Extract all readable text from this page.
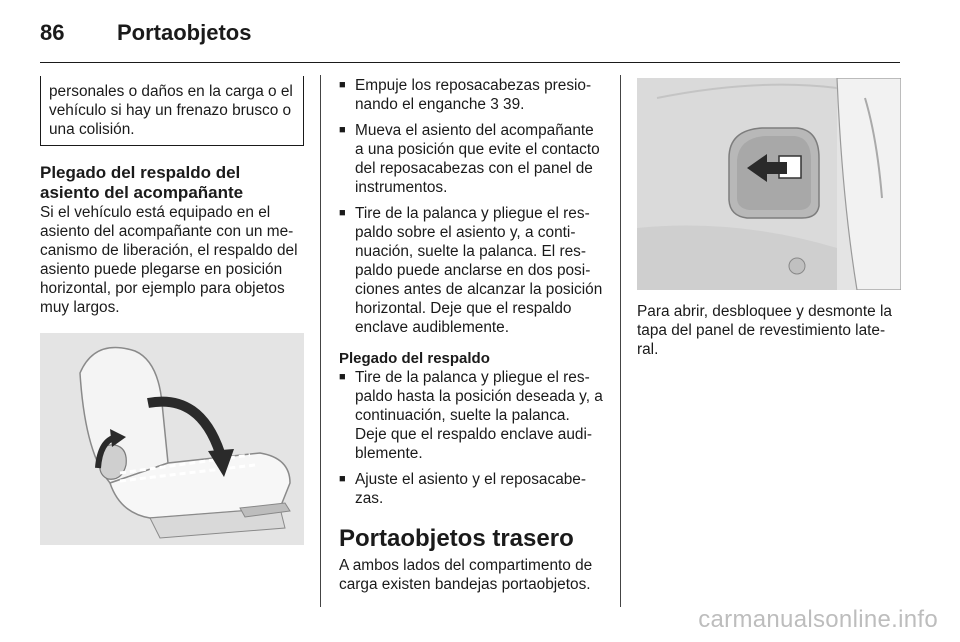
86 Portaobjetos
personales o daños en la carga o el vehículo si hay un frenazo brusco o una colisión.
Plegado del respaldo del asiento del acompañante

Si el vehículo está equipado en el asiento del acompañante con un mecanismo de liberación, el respaldo del asiento puede plegarse en posición horizontal, por ejemplo para objetos muy largos.

■ Empuje los reposacabezas presionando el enganche 3 39.
■ Mueva el asiento del acompañante a una posición que evite el contacto del reposacabezas con el panel de instrumentos.
■ Tire de la palanca y pliegue el respaldo sobre el asiento y, a continuación, suelte la palanca. El respaldo puede anclarse en dos posiciones antes de alcanzar la posición horizontal. Deje que el respaldo enclave audiblemente.
Plegado del respaldo
■ Tire de la palanca y pliegue el respaldo hasta la posición deseada y, a continuación, suelte la palanca. Deje que el respaldo enclave audiblemente.
■ Ajuste el asiento y el reposacabezas.
Portaobjetos trasero

A ambos lados del compartimento de carga existen bandejas portaobjetos.

Para abrir, desbloquee y desmonte la tapa del panel de revestimiento lateral.

carmanualsonline.info
